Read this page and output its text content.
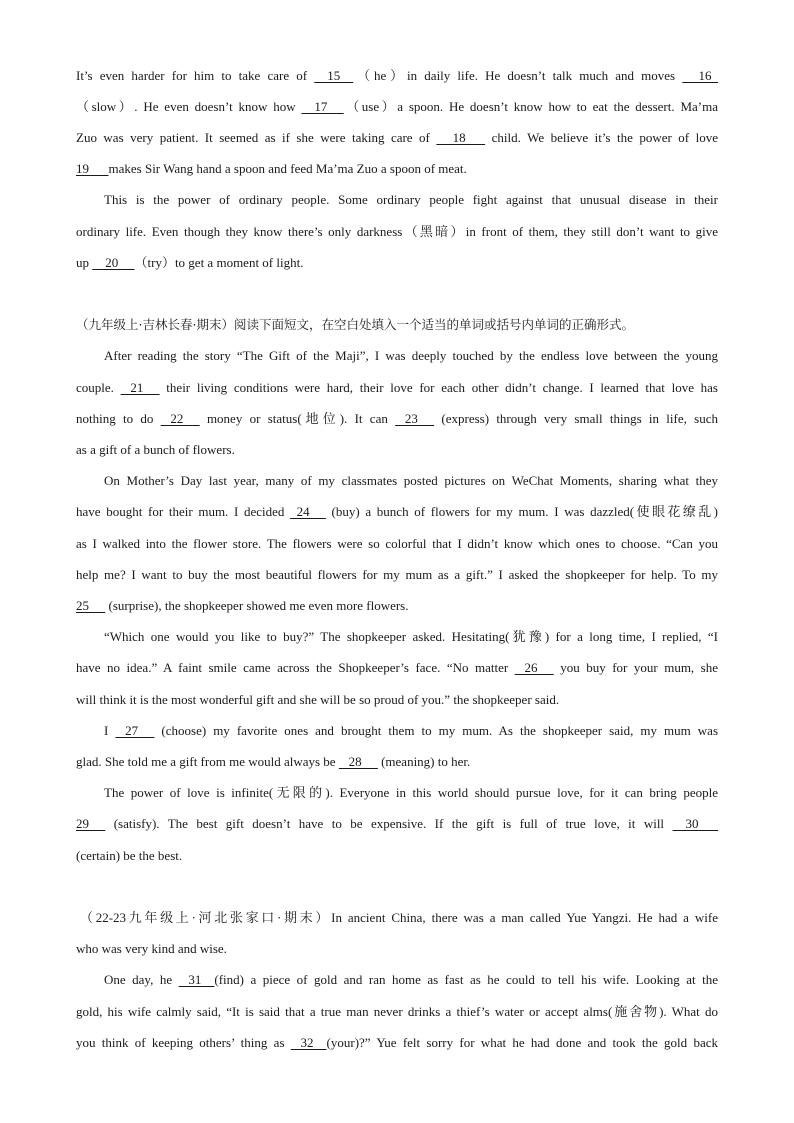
It’s even harder for him to take care of     15    （he）in daily life. He doesn’t talk much and moves      16
（slow）. He even doesn’t know how     17     （use）a spoon. He doesn’t know how to eat the dessert. Ma’ma
Zuo was very patient. It seemed as if she were taking care of      18       child. We believe it’s the power of love
19      makes Sir Wang hand a spoon and feed Ma’ma Zuo a spoon of meat.
This is the power of ordinary people. Some ordinary people fight against that unusual disease in their
ordinary life. Even though they know there’s only darkness（黑暗）in front of them, they still don’t want to give
up     20     （try）to get a moment of light.
（九年级上·吉林长春·期末）阅读下面短文，在空白处填入一个适当的单词或括号内单词的正确形式。
After reading the story “The Gift of the Maji”, I was deeply touched by the endless love between the young
couple.    21      their living conditions were hard, their love for each other didn’t change. I learned that love has
nothing to do    22      money or status(地位). It can    23      (express) through very small things in life, such
as a gift of a bunch of flowers.
On Mother’s Day last year, many of my classmates posted pictures on WeChat Moments, sharing what they
have bought for their mum. I decided   24      (buy) a bunch of flowers for my mum. I was dazzled(使眼花缭乱)
as I walked into the flower store. The flowers were so colorful that I didn’t know which ones to choose. “Can you
help me? I want to buy the most beautiful flowers for my mum as a gift.” I asked the shopkeeper for help. To my
25      (surprise), the shopkeeper showed me even more flowers.
“Which one would you like to buy?” The shopkeeper asked. Hesitating(犹豫) for a long time, I replied, “I
have no idea.” A faint smile came across the Shopkeeper’s face. “No matter    26      you buy for your mum, she
will think it is the most wonderful gift and she will be so proud of you.” the shopkeeper said.
I    27      (choose) my favorite ones and brought them to my mum. As the shopkeeper said, my mum was
glad. She told me a gift from me would always be    28      (meaning) to her.
The power of love is infinite(无限的). Everyone in this world should pursue love, for it can bring people
29      (satisfy). The best gift doesn’t have to be expensive. If the gift is full of true love, it will     30
(certain) be the best.
（22-23九年级上·河北张家口·期末）In ancient China, there was a man called Yue Yangzi. He had a wife
who was very kind and wise.
One day, he    31    (find) a piece of gold and ran home as fast as he could to tell his wife. Looking at the
gold, his wife calmly said, “It is said that a true man never drinks a thief’s water or accept alms(施舍物). What do
you think of keeping others’ thing as    32    (your)?” Yue felt sorry for what he had done and took the gold back
